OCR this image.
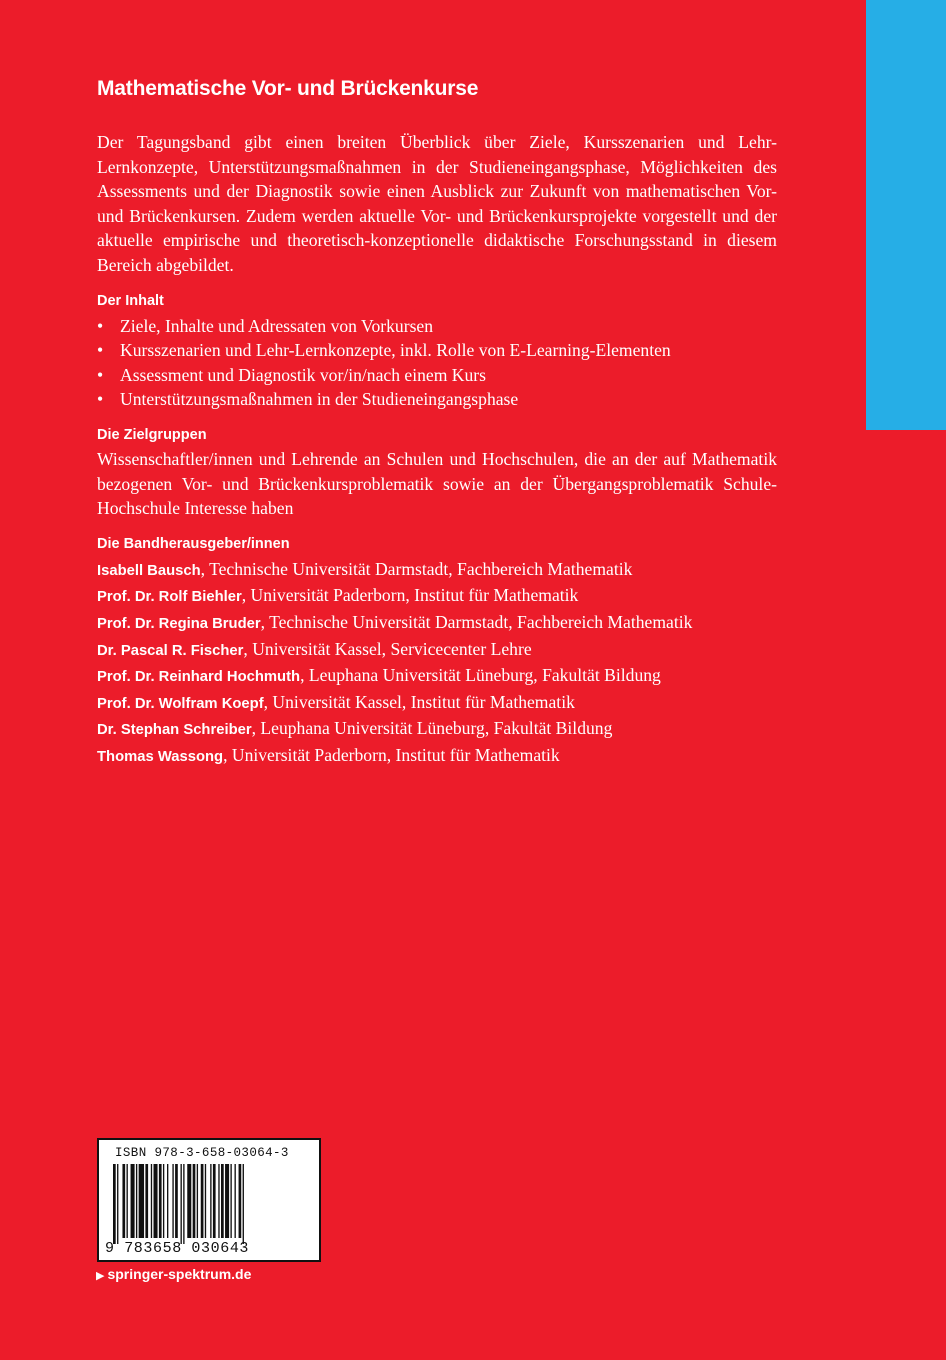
Mathematische Vor- und Brückenkurse

Der Tagungsband gibt einen breiten Überblick über Ziele, Kursszenarien und Lehr-Lernkonzepte, Unterstützungsmaßnahmen in der Studieneingangsphase, Möglichkeiten des Assessments und der Diagnostik sowie einen Ausblick zur Zukunft von mathematischen Vor- und Brückenkursen. Zudem werden aktuelle Vor- und Brückenkursprojekte vorgestellt und der aktuelle empirische und theoretisch-konzeptionelle didaktische Forschungsstand in diesem Bereich abgebildet.

Der Inhalt

• Ziele, Inhalte und Adressaten von Vorkursen
• Kursszenarien und Lehr-Lernkonzepte, inkl. Rolle von E-Learning-Elementen
• Assessment und Diagnostik vor/in/nach einem Kurs
• Unterstützungsmaßnahmen in der Studieneingangsphase

Die Zielgruppen

Wissenschaftler/innen und Lehrende an Schulen und Hochschulen, die an der auf Mathematik bezogenen Vor- und Brückenkursproblematik sowie an der Übergangsproblematik Schule-Hochschule Interesse haben

Die Bandherausgeber/innen

Isabell Bausch, Technische Universität Darmstadt, Fachbereich Mathematik
Prof. Dr. Rolf Biehler, Universität Paderborn, Institut für Mathematik
Prof. Dr. Regina Bruder, Technische Universität Darmstadt, Fachbereich Mathematik
Dr. Pascal R. Fischer, Universität Kassel, Servicecenter Lehre
Prof. Dr. Reinhard Hochmuth, Leuphana Universität Lüneburg, Fakultät Bildung
Prof. Dr. Wolfram Koepf, Universität Kassel, Institut für Mathematik
Dr. Stephan Schreiber, Leuphana Universität Lüneburg, Fakultät Bildung
Thomas Wassong, Universität Paderborn, Institut für Mathematik
ISBN 978-3-658-03064-3
9 783658 030643
▶ springer-spektrum.de
